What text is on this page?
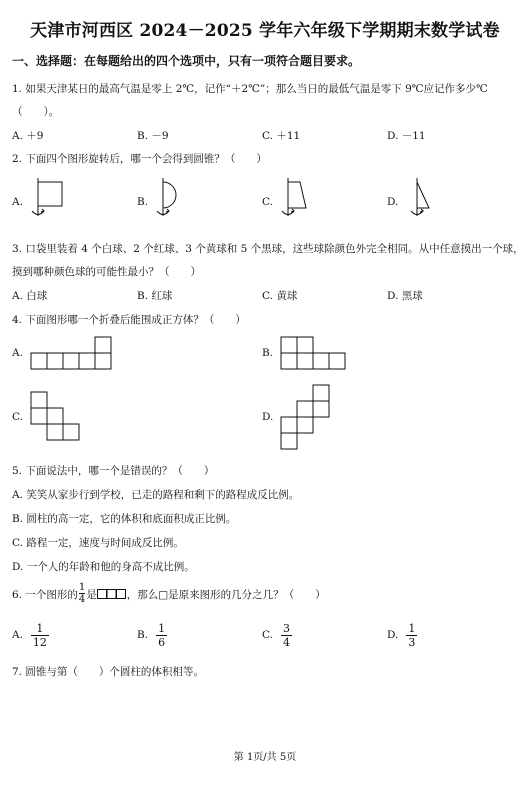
天津市河西区 2024－2025 学年六年级下学期期末数学试卷
一、选择题：在每题给出的四个选项中，只有一项符合题目要求。
1. 如果天津某日的最高气温是零上 2℃，记作“＋2℃”；那么当日的最低气温是零下 9℃应记作多少℃
（　　）。
A. ＋9	B. －9	C. ＋11	D. －11
2. 下面四个图形旋转后，哪一个会得到圆锥？（　　）
A.	B.	C.	D.
3. 口袋里装着 4 个白球、2 个红球、3 个黄球和 5 个黑球，这些球除颜色外完全相同。从中任意摸出一个球，
摸到哪种颜色球的可能性最小？（　　）
A. 白球	B. 红球	C. 黄球	D. 黑球
4. 下面图形哪一个折叠后能围成正方体？（　　）
A.	B.
C.	D.
5. 下面说法中，哪一个是错误的？（　　）
A. 笑笑从家步行到学校，已走的路程和剩下的路程成反比例。
B. 圆柱的高一定，它的体积和底面积成正比例。
C. 路程一定，速度与时间成反比例。
D. 一个人的年龄和他的身高不成比例。
6. 一个图形的 $\frac{1}{4}$ 是	，那么□是原来图形的几分之几？（　　）
A. $\frac{1}{12}$	B. $\frac{1}{6}$	C. $\frac{3}{4}$	D. $\frac{1}{3}$
7. 圆锥与第（　　）个圆柱的体积相等。
第 1页/共 5页
